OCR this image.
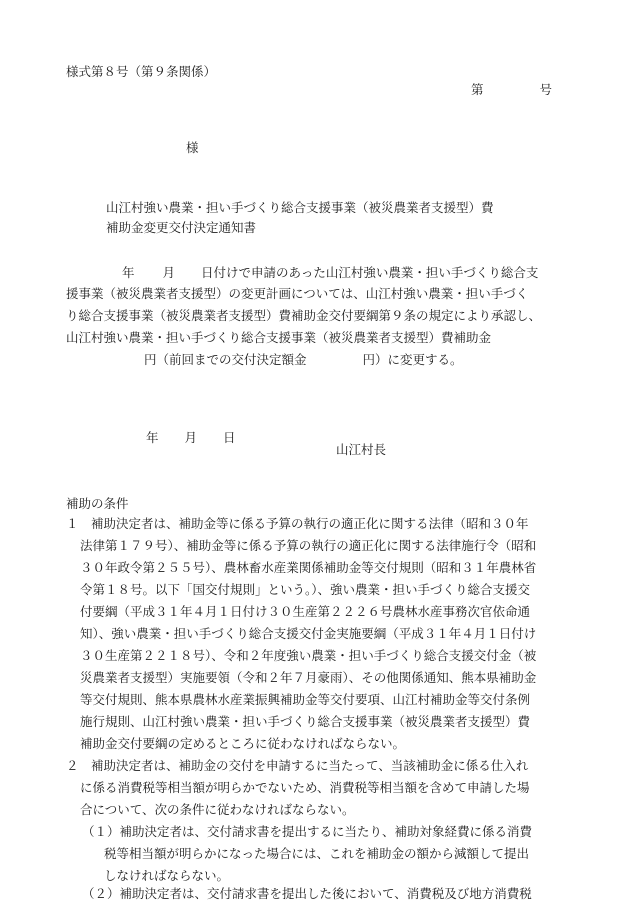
様式第８号（第９条関係）
第	号
様
山江村強い農業・担い手づくり総合支援事業（被災農業者支援型）費
補助金変更交付決定通知書
年 月 日付けで申請のあった山江村強い農業・担い手づくり総合支
援事業（被災農業者支援型）の変更計画については、山江村強い農業・担い手づく
り総合支援事業（被災農業者支援型）費補助金交付要綱第９条の規定により承認し、
山江村強い農業・担い手づくり総合支援事業（被災農業者支援型）費補助金
円（前回までの交付決定額金	円）に変更する。
年 月 日
山江村長
補助の条件
１　補助決定者は、補助金等に係る予算の執行の適正化に関する法律（昭和３０年
法律第１７９号）、補助金等に係る予算の執行の適正化に関する法律施行令（昭和
３０年政令第２５５号）、農林畜水産業関係補助金等交付規則（昭和３１年農林省
令第１８号。以下「国交付規則」という。）、強い農業・担い手づくり総合支援交
付要綱（平成３１年４月１日付け３０生産第２２２６号農林水産事務次官依命通
知）、強い農業・担い手づくり総合支援交付金実施要綱（平成３１年４月１日付け
３０生産第２２１８号）、令和２年度強い農業・担い手づくり総合支援交付金（被
災農業者支援型）実施要領（令和２年７月豪雨）、その他関係通知、熊本県補助金
等交付規則、熊本県農林水産業振興補助金等交付要項、山江村補助金等交付条例
施行規則、山江村強い農業・担い手づくり総合支援事業（被災農業者支援型）費
補助金交付要綱の定めるところに従わなければならない。
２　補助決定者は、補助金の交付を申請するに当たって、当該補助金に係る仕入れ
に係る消費税等相当額が明らかでないため、消費税等相当額を含めて申請した場
合について、次の条件に従わなければならない。
（１）補助決定者は、交付請求書を提出するに当たり、補助対象経費に係る消費
税等相当額が明らかになった場合には、これを補助金の額から減額して提出
しなければならない。
（２）補助決定者は、交付請求書を提出した後において、消費税及び地方消費税
